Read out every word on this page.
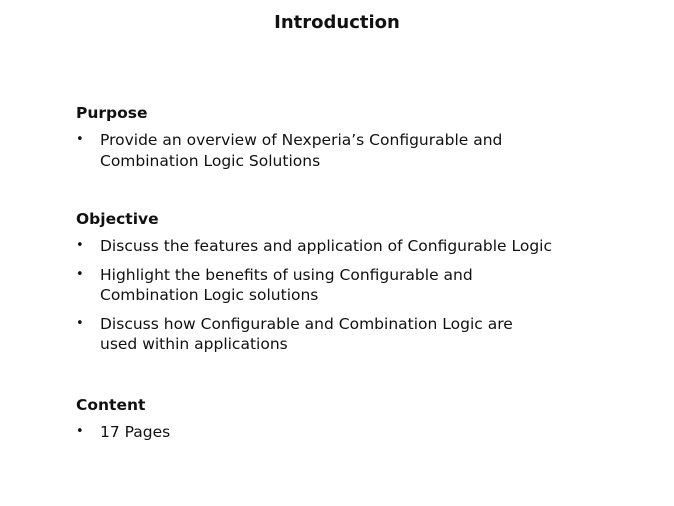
Introduction
Purpose
• Provide an overview of Nexperia’s Configurable and
Combination Logic Solutions
Objective
• Discuss the features and application of Configurable Logic
• Highlight the benefits of using Configurable and
Combination Logic solutions
• Discuss how Configurable and Combination Logic are
used within applications
Content
• 17 Pages
